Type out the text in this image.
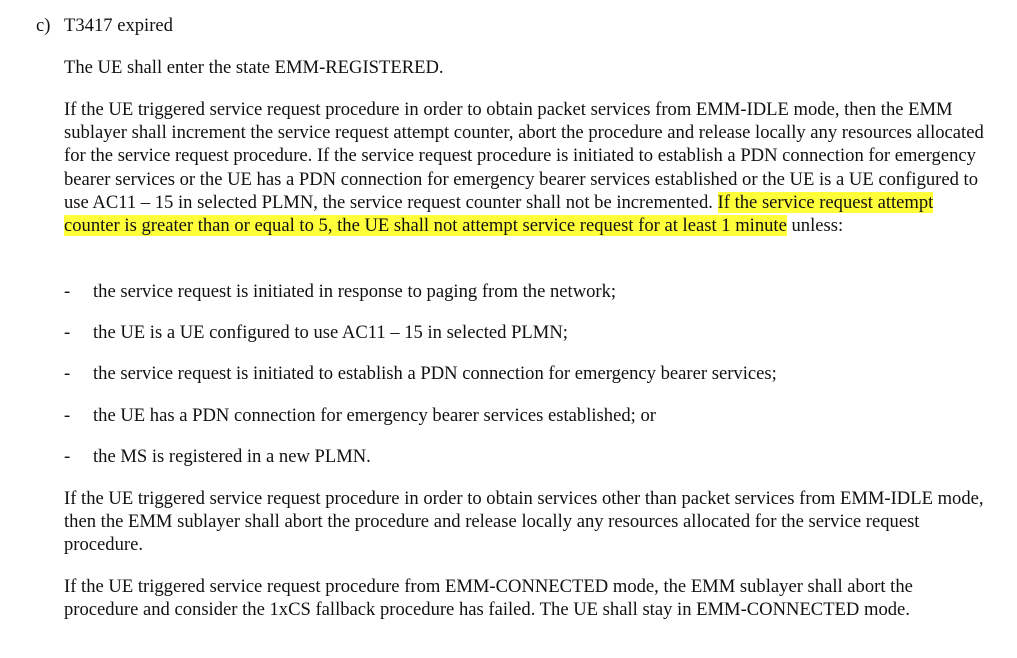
c) T3417 expired

The UE shall enter the state EMM-REGISTERED.

If the UE triggered service request procedure in order to obtain packet services from EMM-IDLE mode, then the EMM sublayer shall increment the service request attempt counter, abort the procedure and release locally any resources allocated for the service request procedure. If the service request procedure is initiated to establish a PDN connection for emergency bearer services or the UE has a PDN connection for emergency bearer services established or the UE is a UE configured to use AC11 – 15 in selected PLMN, the service request counter shall not be incremented. If the service request attempt counter is greater than or equal to 5, the UE shall not attempt service request for at least 1 minute unless:

- the service request is initiated in response to paging from the network;
- the UE is a UE configured to use AC11 – 15 in selected PLMN;
- the service request is initiated to establish a PDN connection for emergency bearer services;
- the UE has a PDN connection for emergency bearer services established; or
- the MS is registered in a new PLMN.

If the UE triggered service request procedure in order to obtain services other than packet services from EMM-IDLE mode, then the EMM sublayer shall abort the procedure and release locally any resources allocated for the service request procedure.

If the UE triggered service request procedure from EMM-CONNECTED mode, the EMM sublayer shall abort the procedure and consider the 1xCS fallback procedure has failed. The UE shall stay in EMM-CONNECTED mode.
